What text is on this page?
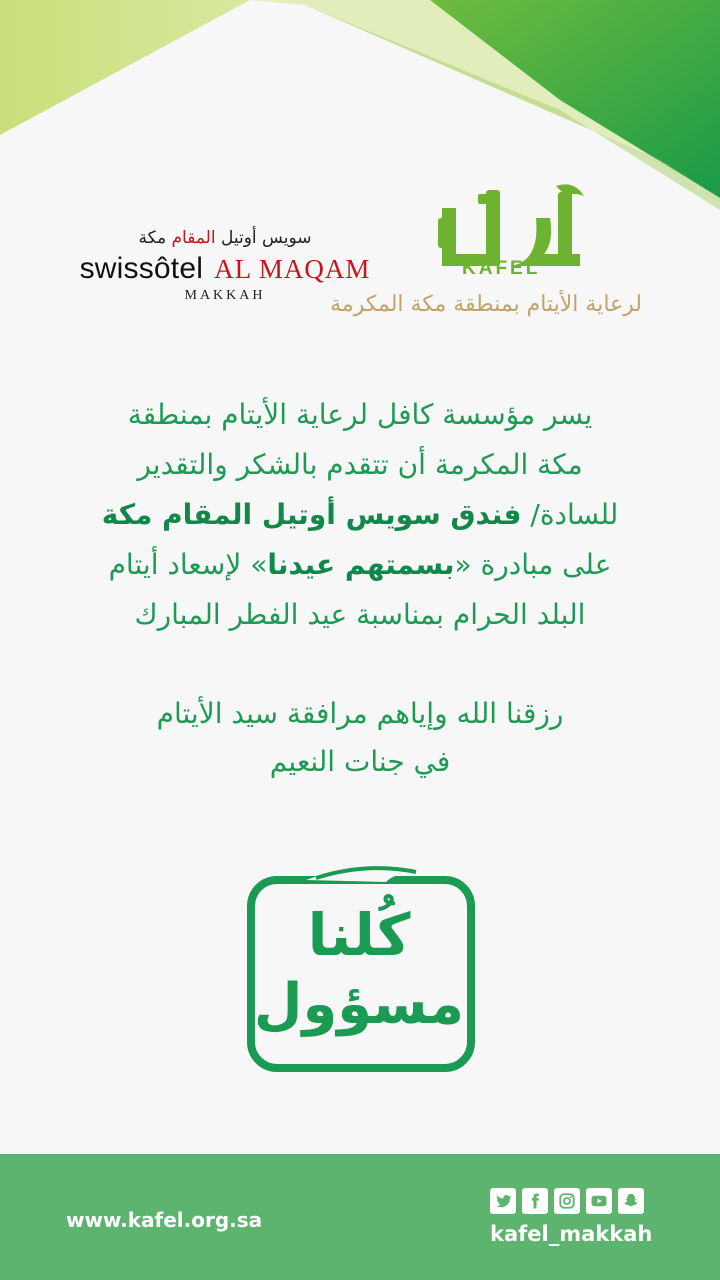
سويس أوتيل المقام مكة
swissôtel AL MAQAM
MAKKAH
KAFEL
لرعاية الأيتام بمنطقة مكة المكرمة
يسر مؤسسة كافل لرعاية الأيتام بمنطقة
مكة المكرمة أن تتقدم بالشكر والتقدير
للسادة/ فندق سويس أوتيل المقام مكة
على مبادرة «بسمتهم عيدنا» لإسعاد أيتام
البلد الحرام بمناسبة عيد الفطر المبارك
رزقنا الله وإياهم مرافقة سيد الأيتام
في جنات النعيم
كُلنا
مسؤول
www.kafel.org.sa
kafel_makkah
